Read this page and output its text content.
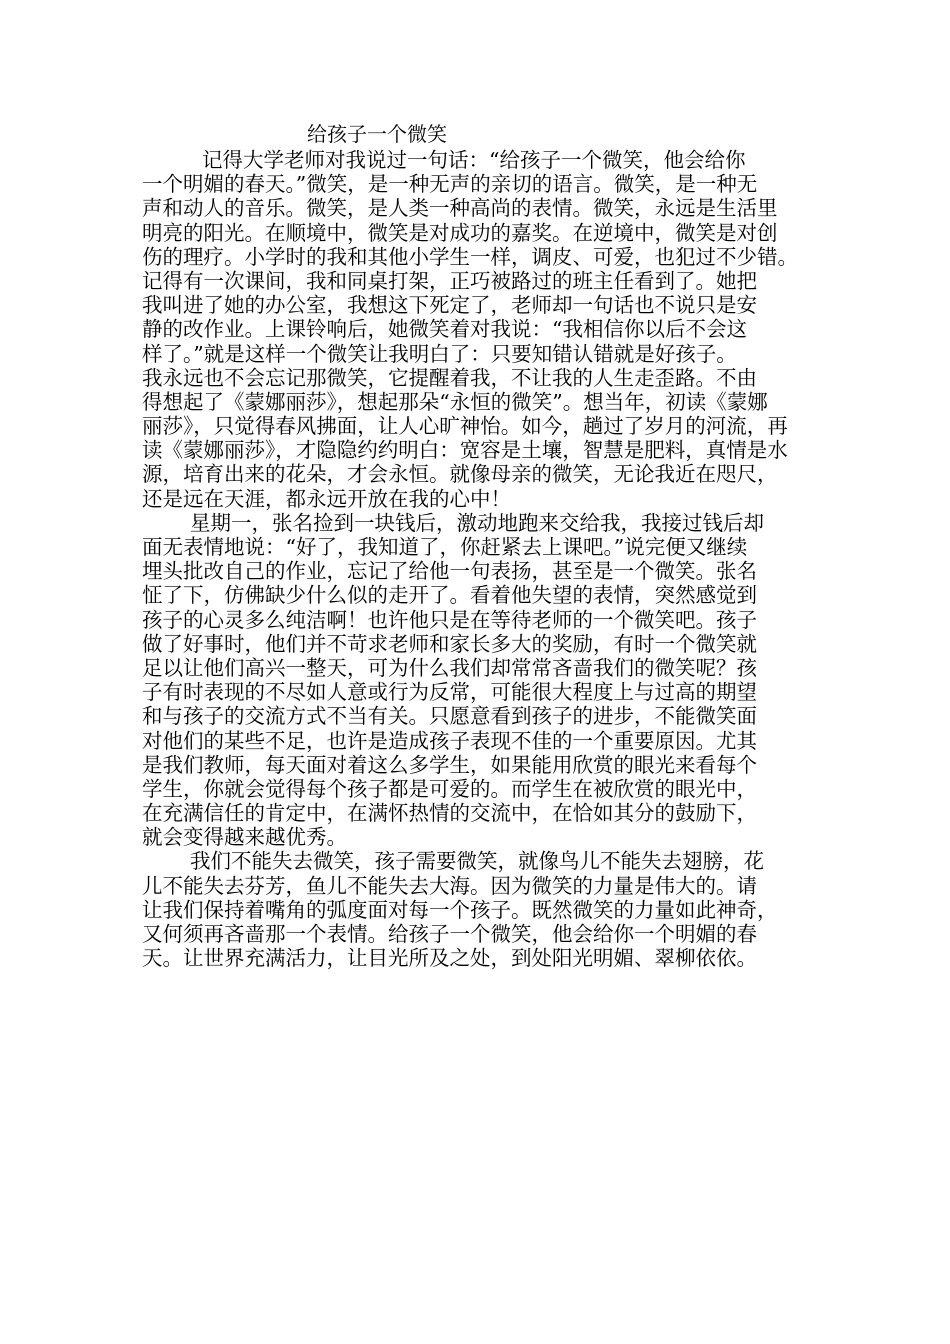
给孩子一个微笑
记得大学老师对我说过一句话：“给孩子一个微笑，他会给你
一个明媚的春天。”微笑，是一种无声的亲切的语言。微笑，是一种无
声和动人的音乐。微笑，是人类一种高尚的表情。微笑，永远是生活里
明亮的阳光。在顺境中，微笑是对成功的嘉奖。在逆境中，微笑是对创
伤的理疗。小学时的我和其他小学生一样，调皮、可爱，也犯过不少错。
记得有一次课间，我和同桌打架，正巧被路过的班主任看到了。她把
我叫进了她的办公室，我想这下死定了，老师却一句话也不说只是安
静的改作业。上课铃响后，她微笑着对我说：“我相信你以后不会这
样了。”就是这样一个微笑让我明白了：只要知错认错就是好孩子。
我永远也不会忘记那微笑，它提醒着我，不让我的人生走歪路。不由
得想起了《蒙娜丽莎》，想起那朵“永恒的微笑”。想当年，初读《蒙娜
丽莎》，只觉得春风拂面，让人心旷神怡。如今，趟过了岁月的河流，再
读《蒙娜丽莎》，才隐隐约约明白：宽容是土壤，智慧是肥料，真情是水
源，培育出来的花朵，才会永恒。就像母亲的微笑，无论我近在咫尺，
还是远在天涯，都永远开放在我的心中！
星期一，张名捡到一块钱后，激动地跑来交给我，我接过钱后却
面无表情地说：“好了，我知道了，你赶紧去上课吧。”说完便又继续
埋头批改自己的作业，忘记了给他一句表扬，甚至是一个微笑。张名
怔了下，仿佛缺少什么似的走开了。看着他失望的表情，突然感觉到
孩子的心灵多么纯洁啊！也许他只是在等待老师的一个微笑吧。孩子
做了好事时，他们并不苛求老师和家长多大的奖励，有时一个微笑就
足以让他们高兴一整天，可为什么我们却常常吝啬我们的微笑呢？孩
子有时表现的不尽如人意或行为反常，可能很大程度上与过高的期望
和与孩子的交流方式不当有关。只愿意看到孩子的进步，不能微笑面
对他们的某些不足，也许是造成孩子表现不佳的一个重要原因。尤其
是我们教师，每天面对着这么多学生，如果能用欣赏的眼光来看每个
学生，你就会觉得每个孩子都是可爱的。而学生在被欣赏的眼光中，
在充满信任的肯定中，在满怀热情的交流中，在恰如其分的鼓励下，
就会变得越来越优秀。
我们不能失去微笑，孩子需要微笑，就像鸟儿不能失去翅膀，花
儿不能失去芬芳，鱼儿不能失去大海。因为微笑的力量是伟大的。请
让我们保持着嘴角的弧度面对每一个孩子。既然微笑的力量如此神奇，
又何须再吝啬那一个表情。给孩子一个微笑，他会给你一个明媚的春
天。让世界充满活力，让目光所及之处，到处阳光明媚、翠柳依依。
